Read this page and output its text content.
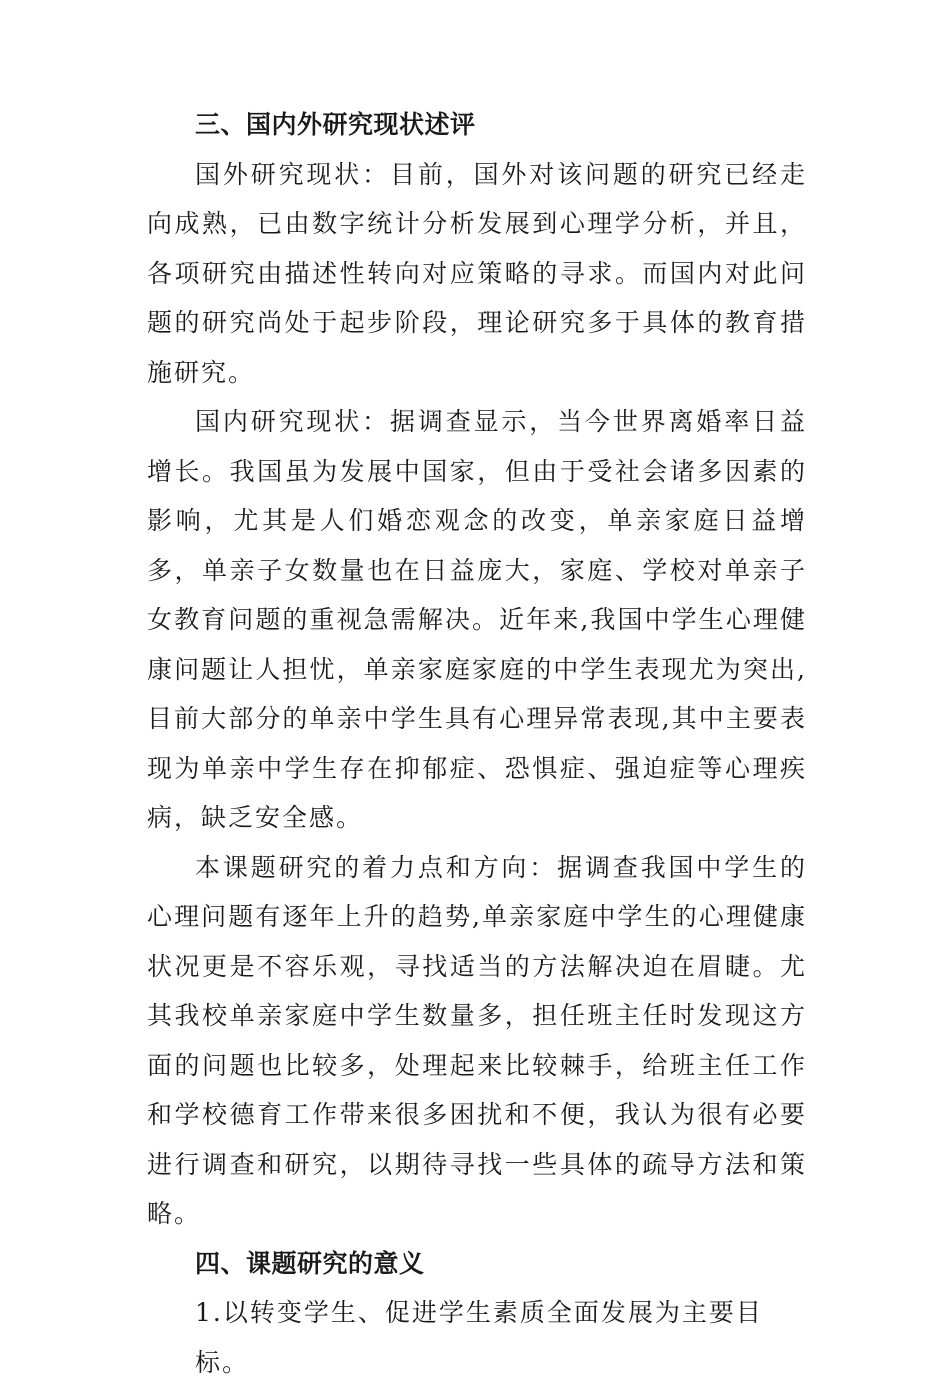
三、国内外研究现状述评

国外研究现状：目前，国外对该问题的研究已经走向成熟，已由数字统计分析发展到心理学分析，并且，各项研究由描述性转向对应策略的寻求。而国内对此问题的研究尚处于起步阶段，理论研究多于具体的教育措施研究。

国内研究现状：据调查显示，当今世界离婚率日益增长。我国虽为发展中国家，但由于受社会诸多因素的影响，尤其是人们婚恋观念的改变，单亲家庭日益增多，单亲子女数量也在日益庞大，家庭、学校对单亲子女教育问题的重视急需解决。近年来,我国中学生心理健康问题让人担忧，单亲家庭家庭的中学生表现尤为突出,目前大部分的单亲中学生具有心理异常表现,其中主要表现为单亲中学生存在抑郁症、恐惧症、强迫症等心理疾病，缺乏安全感。

本课题研究的着力点和方向：据调查我国中学生的心理问题有逐年上升的趋势,单亲家庭中学生的心理健康状况更是不容乐观，寻找适当的方法解决迫在眉睫。尤其我校单亲家庭中学生数量多，担任班主任时发现这方面的问题也比较多，处理起来比较棘手，给班主任工作和学校德育工作带来很多困扰和不便，我认为很有必要进行调查和研究，以期待寻找一些具体的疏导方法和策略。

四、课题研究的意义

1.以转变学生、促进学生素质全面发展为主要目标。
